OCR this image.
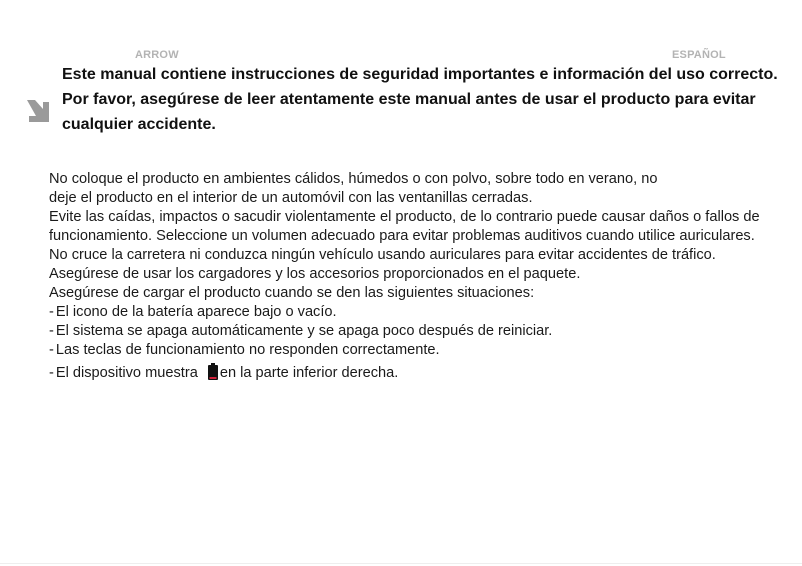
ARROW	ESPAÑOL

Este manual contiene instrucciones de seguridad importantes e información del uso correcto. Por favor, asegúrese de leer atentamente este manual antes de usar el producto para evitar cualquier accidente.

No coloque el producto en ambientes cálidos, húmedos o con polvo, sobre todo en verano, no

deje el producto en el interior de un automóvil con las ventanillas cerradas.

Evite las caídas, impactos o sacudir violentamente el producto, de lo contrario puede causar daños o fallos de funcionamiento. Seleccione un volumen adecuado para evitar problemas auditivos cuando utilice auriculares.

No cruce la carretera ni conduzca ningún vehículo usando auriculares para evitar accidentes de tráfico.

Asegúrese de usar los cargadores y los accesorios proporcionados en el paquete.

Asegúrese de cargar el producto cuando se den las siguientes situaciones:

- El icono de la batería aparece bajo o vacío.
- El sistema se apaga automáticamente y se apaga poco después de reiniciar.
- Las teclas de funcionamiento no responden correctamente.
- El dispositivo muestra en la parte inferior derecha.
